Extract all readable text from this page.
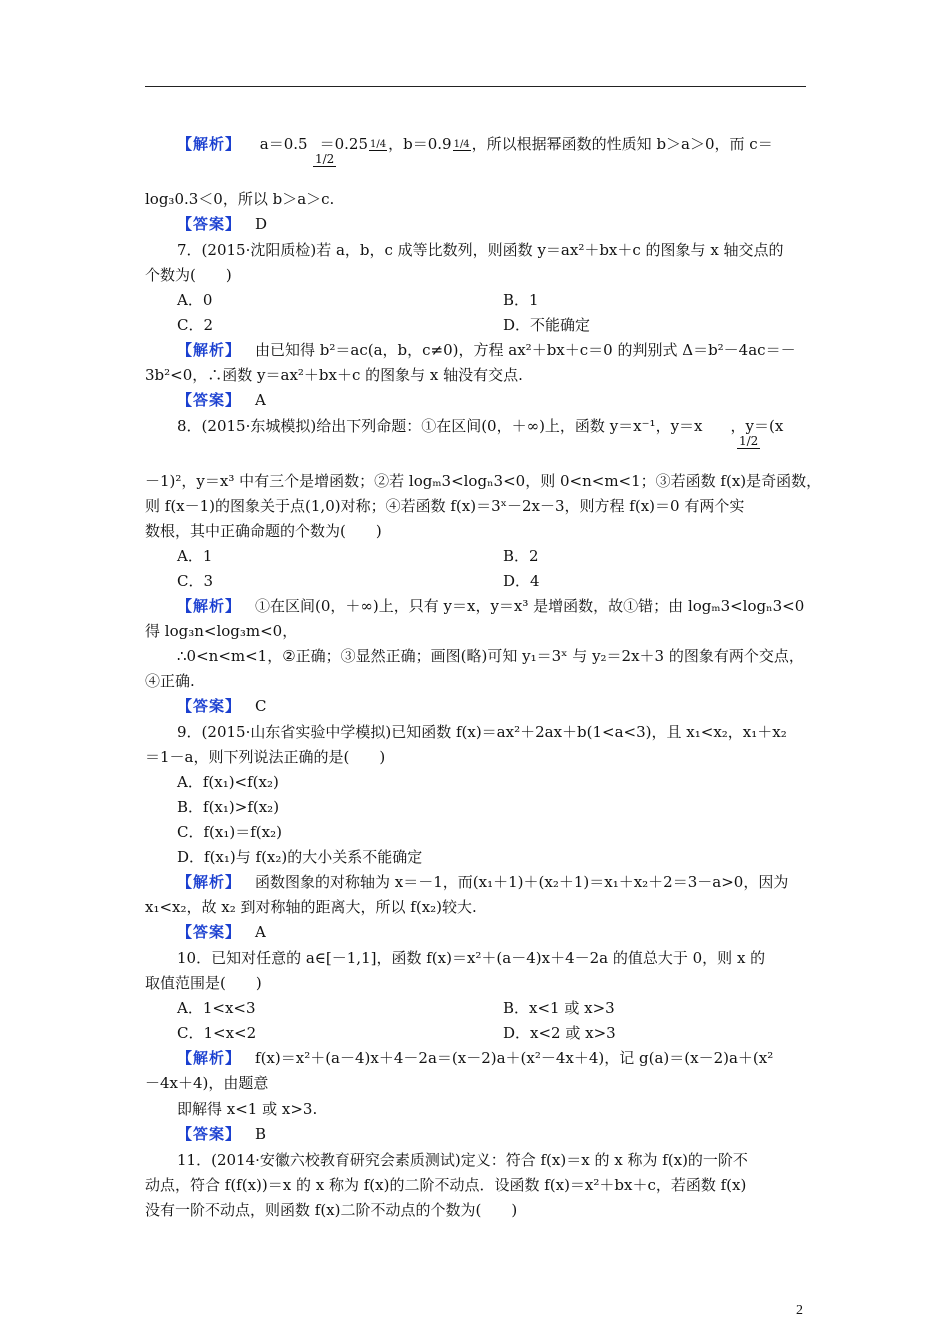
【解析】 a＝0.5 ＝0.25 1/4 ，b＝0.9 1/4 ，所以根据幂函数的性质知 b＞a＞0，而 c＝
1/2
log₃0.3＜0，所以 b＞a＞c.
【答案】 D
7．(2015·沈阳质检)若 a，b，c 成等比数列，则函数 y＝ax²＋bx＋c 的图象与 x 轴交点的
个数为(　　)
A．0	B．1
C．2	D．不能确定
【解析】 由已知得 b²＝ac(a，b，c≠0)，方程 ax²＋bx＋c＝0 的判别式 Δ＝b²－4ac＝－
3b²<0，∴函数 y＝ax²＋bx＋c 的图象与 x 轴没有交点.
【答案】 A
8．(2015·东城模拟)给出下列命题：①在区间(0，＋∞)上，函数 y＝x⁻¹，y＝x ，y＝(x
1/2
－1)²，y＝x³ 中有三个是增函数；②若 logₘ3<logₙ3<0，则 0<n<m<1；③若函数 f(x)是奇函数，
则 f(x－1)的图象关于点(1,0)对称；④若函数 f(x)＝3ˣ－2x－3，则方程 f(x)＝0 有两个实
数根，其中正确命题的个数为(　　)
A．1	B．2
C．3	D．4
【解析】 ①在区间(0，＋∞)上，只有 y＝x，y＝x³ 是增函数，故①错；由 logₘ3<logₙ3<0
得 log₃n<log₃m<0，
∴0<n<m<1，②正确；③显然正确；画图(略)可知 y₁＝3ˣ 与 y₂＝2x＋3 的图象有两个交点，
④正确.
【答案】 C
9．(2015·山东省实验中学模拟)已知函数 f(x)＝ax²＋2ax＋b(1<a<3)，且 x₁<x₂，x₁＋x₂
＝1－a，则下列说法正确的是(　　)
A．f(x₁)<f(x₂)
B．f(x₁)>f(x₂)
C．f(x₁)＝f(x₂)
D．f(x₁)与 f(x₂)的大小关系不能确定
【解析】 函数图象的对称轴为 x＝－1，而(x₁＋1)＋(x₂＋1)＝x₁＋x₂＋2＝3－a>0，因为
x₁<x₂，故 x₂ 到对称轴的距离大，所以 f(x₂)较大.
【答案】 A
10．已知对任意的 a∈[－1,1]，函数 f(x)＝x²＋(a－4)x＋4－2a 的值总大于 0，则 x 的
取值范围是(　　)
A．1<x<3	B．x<1 或 x>3
C．1<x<2	D．x<2 或 x>3
【解析】 f(x)＝x²＋(a－4)x＋4－2a＝(x－2)a＋(x²－4x＋4)，记 g(a)＝(x－2)a＋(x²
－4x＋4)，由题意
即解得 x<1 或 x>3.
【答案】 B
11．(2014·安徽六校教育研究会素质测试)定义：符合 f(x)＝x 的 x 称为 f(x)的一阶不
动点，符合 f(f(x))＝x 的 x 称为 f(x)的二阶不动点．设函数 f(x)＝x²＋bx＋c，若函数 f(x)
没有一阶不动点，则函数 f(x)二阶不动点的个数为(　　)
2
